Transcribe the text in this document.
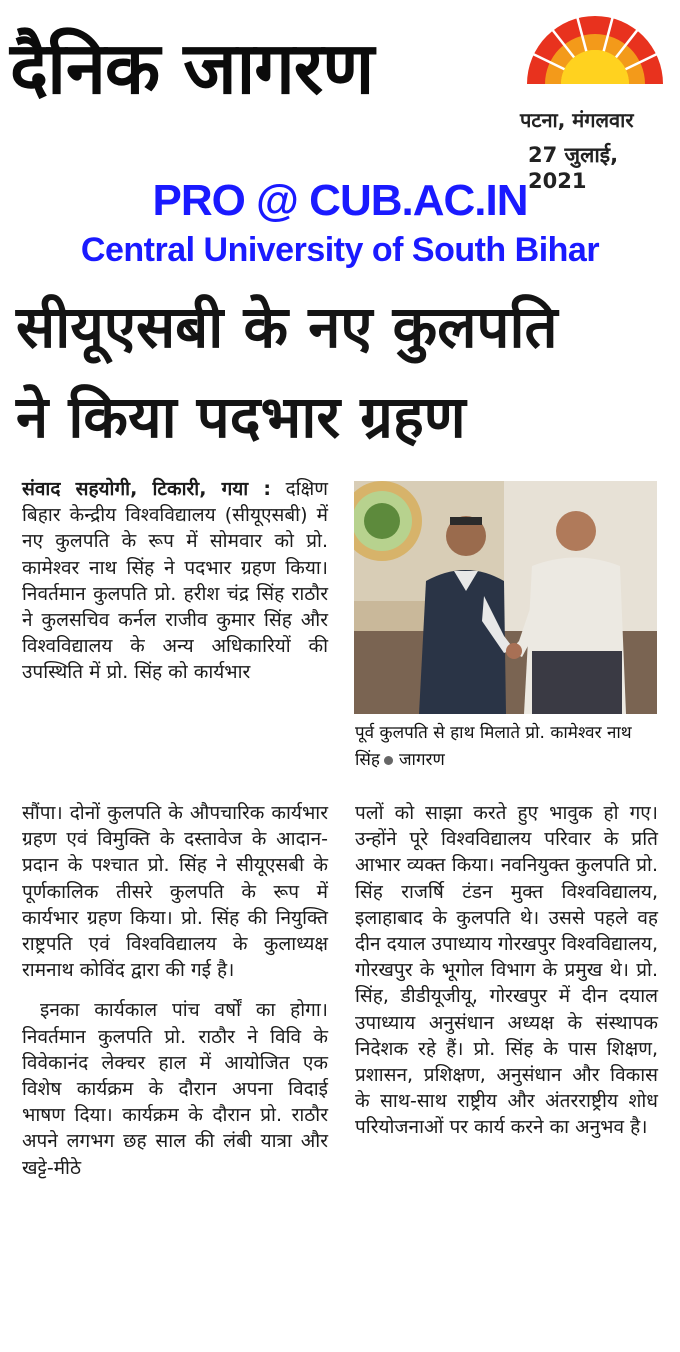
दैनिक जागरण
पटना, मंगलवार
27 जुलाई, 2021
PRO @ CUB.AC.IN
Central University of South Bihar
सीयूएसबी के नए कुलपति
ने किया पदभार ग्रहण

संवाद सहयोगी, टिकारी, गया : दक्षिण बिहार केन्द्रीय विश्वविद्यालय (सीयूएसबी) में नए कुलपति के रूप में सोमवार को प्रो. कामेश्वर नाथ सिंह ने पदभार ग्रहण किया। निवर्तमान कुलपति प्रो. हरीश चंद्र सिंह राठौर ने कुलसचिव कर्नल राजीव कुमार सिंह और विश्वविद्यालय के अन्य अधिकारियों की उपस्थिति में प्रो. सिंह को कार्यभार

पूर्व कुलपति से हाथ मिलाते प्रो. कामेश्वर नाथ सिंह जागरण

सौंपा। दोनों कुलपति के औपचारिक कार्यभार ग्रहण एवं विमुक्ति के दस्तावेज के आदान-प्रदान के पश्चात प्रो. सिंह ने सीयूएसबी के पूर्णकालिक तीसरे कुलपति के रूप में कार्यभार ग्रहण किया। प्रो. सिंह की नियुक्ति राष्ट्रपति एवं विश्वविद्यालय के कुलाध्यक्ष रामनाथ कोविंद द्वारा की गई है।

इनका कार्यकाल पांच वर्षों का होगा। निवर्तमान कुलपति प्रो. राठौर ने विवि के विवेकानंद लेक्चर हाल में आयोजित एक विशेष कार्यक्रम के दौरान अपना विदाई भाषण दिया। कार्यक्रम के दौरान प्रो. राठौर अपने लगभग छह साल की लंबी यात्रा और खट्टे-मीठे

पलों को साझा करते हुए भावुक हो गए। उन्होंने पूरे विश्वविद्यालय परिवार के प्रति आभार व्यक्त किया। नवनियुक्त कुलपति प्रो. सिंह राजर्षि टंडन मुक्त विश्वविद्यालय, इलाहाबाद के कुलपति थे। उससे पहले वह दीन दयाल उपाध्याय गोरखपुर विश्वविद्यालय, गोरखपुर के भूगोल विभाग के प्रमुख थे। प्रो. सिंह, डीडीयूजीयू, गोरखपुर में दीन दयाल उपाध्याय अनुसंधान अध्यक्ष के संस्थापक निदेशक रहे हैं। प्रो. सिंह के पास शिक्षण, प्रशासन, प्रशिक्षण, अनुसंधान और विकास के साथ-साथ राष्ट्रीय और अंतरराष्ट्रीय शोध परियोजनाओं पर कार्य करने का अनुभव है।
